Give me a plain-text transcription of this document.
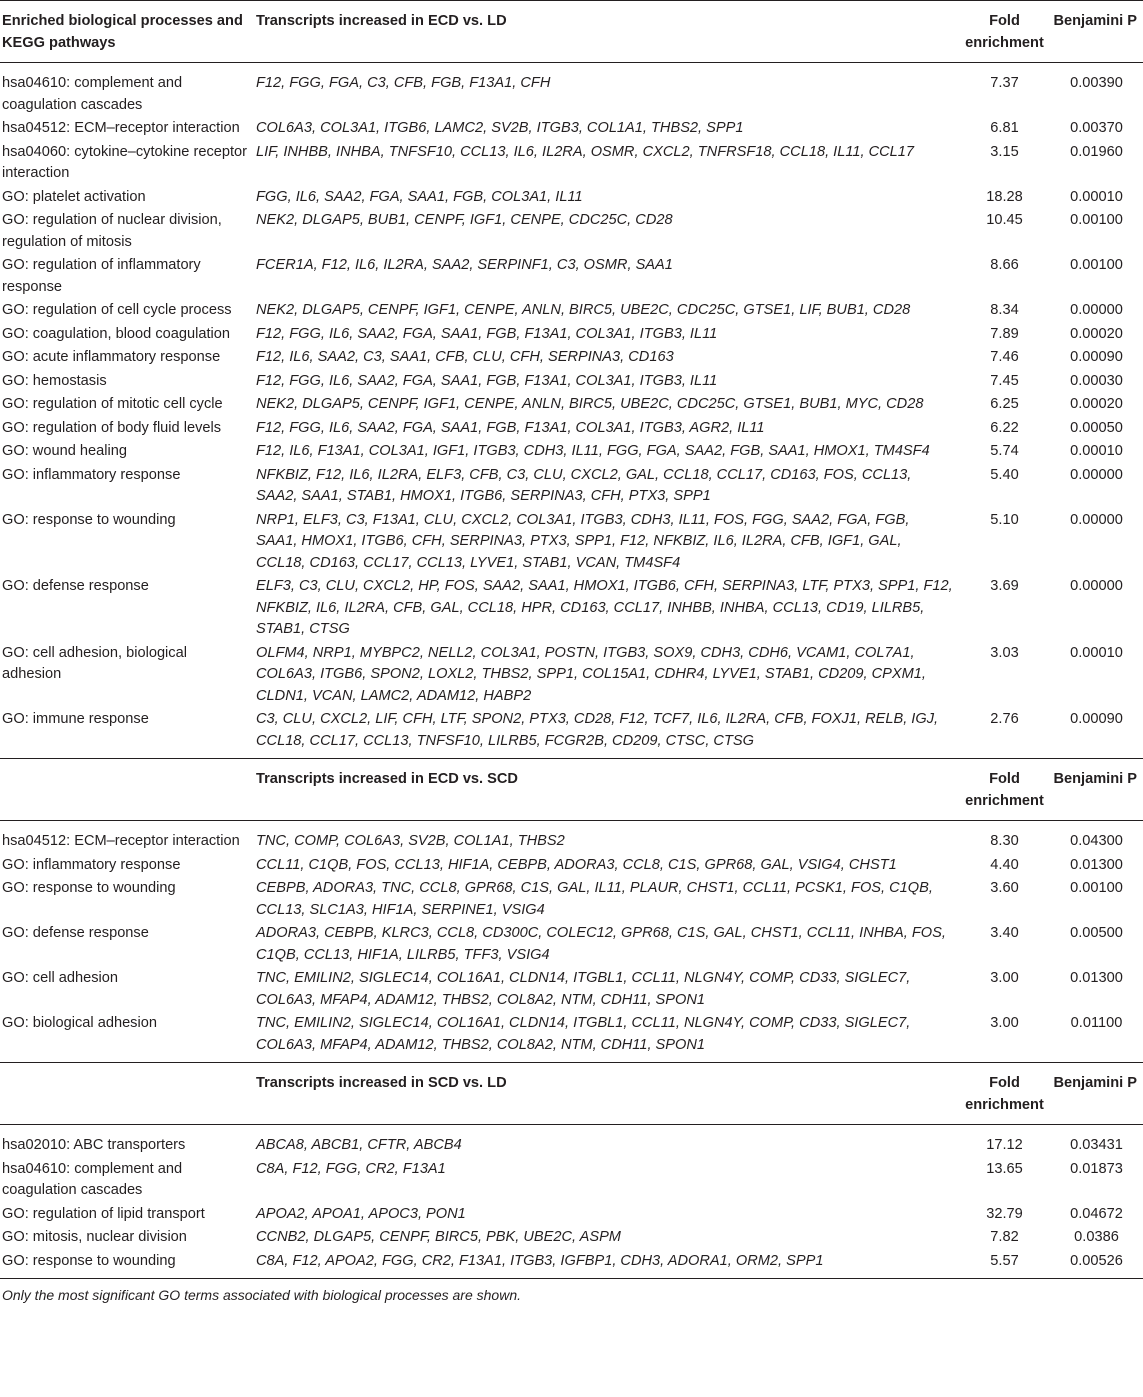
Enriched biological processes and KEGG pathways	Transcripts increased in ECD vs. LD	Fold enrichment	Benjamini P
hsa04610: complement and coagulation cascades	F12, FGG, FGA, C3, CFB, FGB, F13A1, CFH	7.37	0.00390
hsa04512: ECM–receptor interaction	COL6A3, COL3A1, ITGB6, LAMC2, SV2B, ITGB3, COL1A1, THBS2, SPP1	6.81	0.00370
hsa04060: cytokine–cytokine receptor interaction	LIF, INHBB, INHBA, TNFSF10, CCL13, IL6, IL2RA, OSMR, CXCL2, TNFRSF18, CCL18, IL11, CCL17	3.15	0.01960
GO: platelet activation	FGG, IL6, SAA2, FGA, SAA1, FGB, COL3A1, IL11	18.28	0.00010
GO: regulation of nuclear division, regulation of mitosis	NEK2, DLGAP5, BUB1, CENPF, IGF1, CENPE, CDC25C, CD28	10.45	0.00100
GO: regulation of inflammatory response	FCER1A, F12, IL6, IL2RA, SAA2, SERPINF1, C3, OSMR, SAA1	8.66	0.00100
GO: regulation of cell cycle process	NEK2, DLGAP5, CENPF, IGF1, CENPE, ANLN, BIRC5, UBE2C, CDC25C, GTSE1, LIF, BUB1, CD28	8.34	0.00000
GO: coagulation, blood coagulation	F12, FGG, IL6, SAA2, FGA, SAA1, FGB, F13A1, COL3A1, ITGB3, IL11	7.89	0.00020
GO: acute inflammatory response	F12, IL6, SAA2, C3, SAA1, CFB, CLU, CFH, SERPINA3, CD163	7.46	0.00090
GO: hemostasis	F12, FGG, IL6, SAA2, FGA, SAA1, FGB, F13A1, COL3A1, ITGB3, IL11	7.45	0.00030
GO: regulation of mitotic cell cycle	NEK2, DLGAP5, CENPF, IGF1, CENPE, ANLN, BIRC5, UBE2C, CDC25C, GTSE1, BUB1, MYC, CD28	6.25	0.00020
GO: regulation of body fluid levels	F12, FGG, IL6, SAA2, FGA, SAA1, FGB, F13A1, COL3A1, ITGB3, AGR2, IL11	6.22	0.00050
GO: wound healing	F12, IL6, F13A1, COL3A1, IGF1, ITGB3, CDH3, IL11, FGG, FGA, SAA2, FGB, SAA1, HMOX1, TM4SF4	5.74	0.00010
GO: inflammatory response	NFKBIZ, F12, IL6, IL2RA, ELF3, CFB, C3, CLU, CXCL2, GAL, CCL18, CCL17, CD163, FOS, CCL13, SAA2, SAA1, STAB1, HMOX1, ITGB6, SERPINA3, CFH, PTX3, SPP1	5.40	0.00000
GO: response to wounding	NRP1, ELF3, C3, F13A1, CLU, CXCL2, COL3A1, ITGB3, CDH3, IL11, FOS, FGG, SAA2, FGA, FGB, SAA1, HMOX1, ITGB6, CFH, SERPINA3, PTX3, SPP1, F12, NFKBIZ, IL6, IL2RA, CFB, IGF1, GAL, CCL18, CD163, CCL17, CCL13, LYVE1, STAB1, VCAN, TM4SF4	5.10	0.00000
GO: defense response	ELF3, C3, CLU, CXCL2, HP, FOS, SAA2, SAA1, HMOX1, ITGB6, CFH, SERPINA3, LTF, PTX3, SPP1, F12, NFKBIZ, IL6, IL2RA, CFB, GAL, CCL18, HPR, CD163, CCL17, INHBB, INHBA, CCL13, CD19, LILRB5, STAB1, CTSG	3.69	0.00000
GO: cell adhesion, biological adhesion	OLFM4, NRP1, MYBPC2, NELL2, COL3A1, POSTN, ITGB3, SOX9, CDH3, CDH6, VCAM1, COL7A1, COL6A3, ITGB6, SPON2, LOXL2, THBS2, SPP1, COL15A1, CDHR4, LYVE1, STAB1, CD209, CPXM1, CLDN1, VCAN, LAMC2, ADAM12, HABP2	3.03	0.00010
GO: immune response	C3, CLU, CXCL2, LIF, CFH, LTF, SPON2, PTX3, CD28, F12, TCF7, IL6, IL2RA, CFB, FOXJ1, RELB, IGJ, CCL18, CCL17, CCL13, TNFSF10, LILRB5, FCGR2B, CD209, CTSC, CTSG	2.76	0.00090
	Transcripts increased in ECD vs. SCD	Fold enrichment	Benjamini P
hsa04512: ECM–receptor interaction	TNC, COMP, COL6A3, SV2B, COL1A1, THBS2	8.30	0.04300
GO: inflammatory response	CCL11, C1QB, FOS, CCL13, HIF1A, CEBPB, ADORA3, CCL8, C1S, GPR68, GAL, VSIG4, CHST1	4.40	0.01300
GO: response to wounding	CEBPB, ADORA3, TNC, CCL8, GPR68, C1S, GAL, IL11, PLAUR, CHST1, CCL11, PCSK1, FOS, C1QB, CCL13, SLC1A3, HIF1A, SERPINE1, VSIG4	3.60	0.00100
GO: defense response	ADORA3, CEBPB, KLRC3, CCL8, CD300C, COLEC12, GPR68, C1S, GAL, CHST1, CCL11, INHBA, FOS, C1QB, CCL13, HIF1A, LILRB5, TFF3, VSIG4	3.40	0.00500
GO: cell adhesion	TNC, EMILIN2, SIGLEC14, COL16A1, CLDN14, ITGBL1, CCL11, NLGN4Y, COMP, CD33, SIGLEC7, COL6A3, MFAP4, ADAM12, THBS2, COL8A2, NTM, CDH11, SPON1	3.00	0.01300
GO: biological adhesion	TNC, EMILIN2, SIGLEC14, COL16A1, CLDN14, ITGBL1, CCL11, NLGN4Y, COMP, CD33, SIGLEC7, COL6A3, MFAP4, ADAM12, THBS2, COL8A2, NTM, CDH11, SPON1	3.00	0.01100
	Transcripts increased in SCD vs. LD	Fold enrichment	Benjamini P
hsa02010: ABC transporters	ABCA8, ABCB1, CFTR, ABCB4	17.12	0.03431
hsa04610: complement and coagulation cascades	C8A, F12, FGG, CR2, F13A1	13.65	0.01873
GO: regulation of lipid transport	APOA2, APOA1, APOC3, PON1	32.79	0.04672
GO: mitosis, nuclear division	CCNB2, DLGAP5, CENPF, BIRC5, PBK, UBE2C, ASPM	7.82	0.0386
GO: response to wounding	C8A, F12, APOA2, FGG, CR2, F13A1, ITGB3, IGFBP1, CDH3, ADORA1, ORM2, SPP1	5.57	0.00526
Only the most significant GO terms associated with biological processes are shown.
